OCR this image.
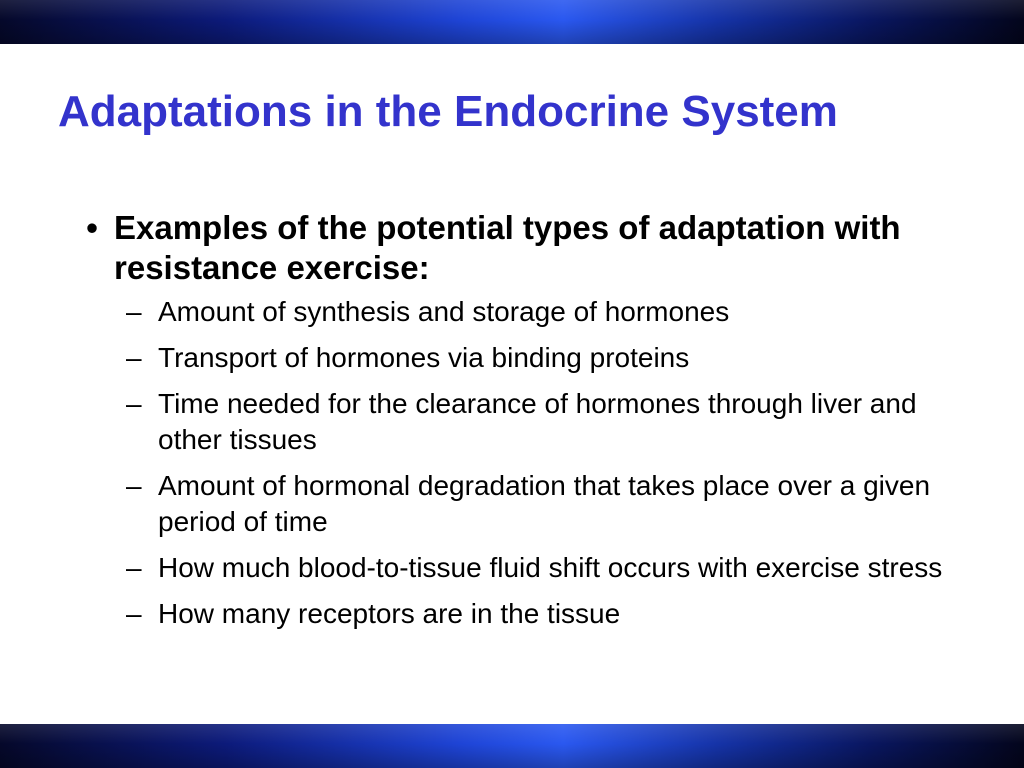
Adaptations in the Endocrine System
• Examples of the potential types of adaptation with resistance exercise:
– Amount of synthesis and storage of hormones
– Transport of hormones via binding proteins
– Time needed for the clearance of hormones through liver and other tissues
– Amount of hormonal degradation that takes place over a given period of time
– How much blood-to-tissue fluid shift occurs with exercise stress
– How many receptors are in the tissue
